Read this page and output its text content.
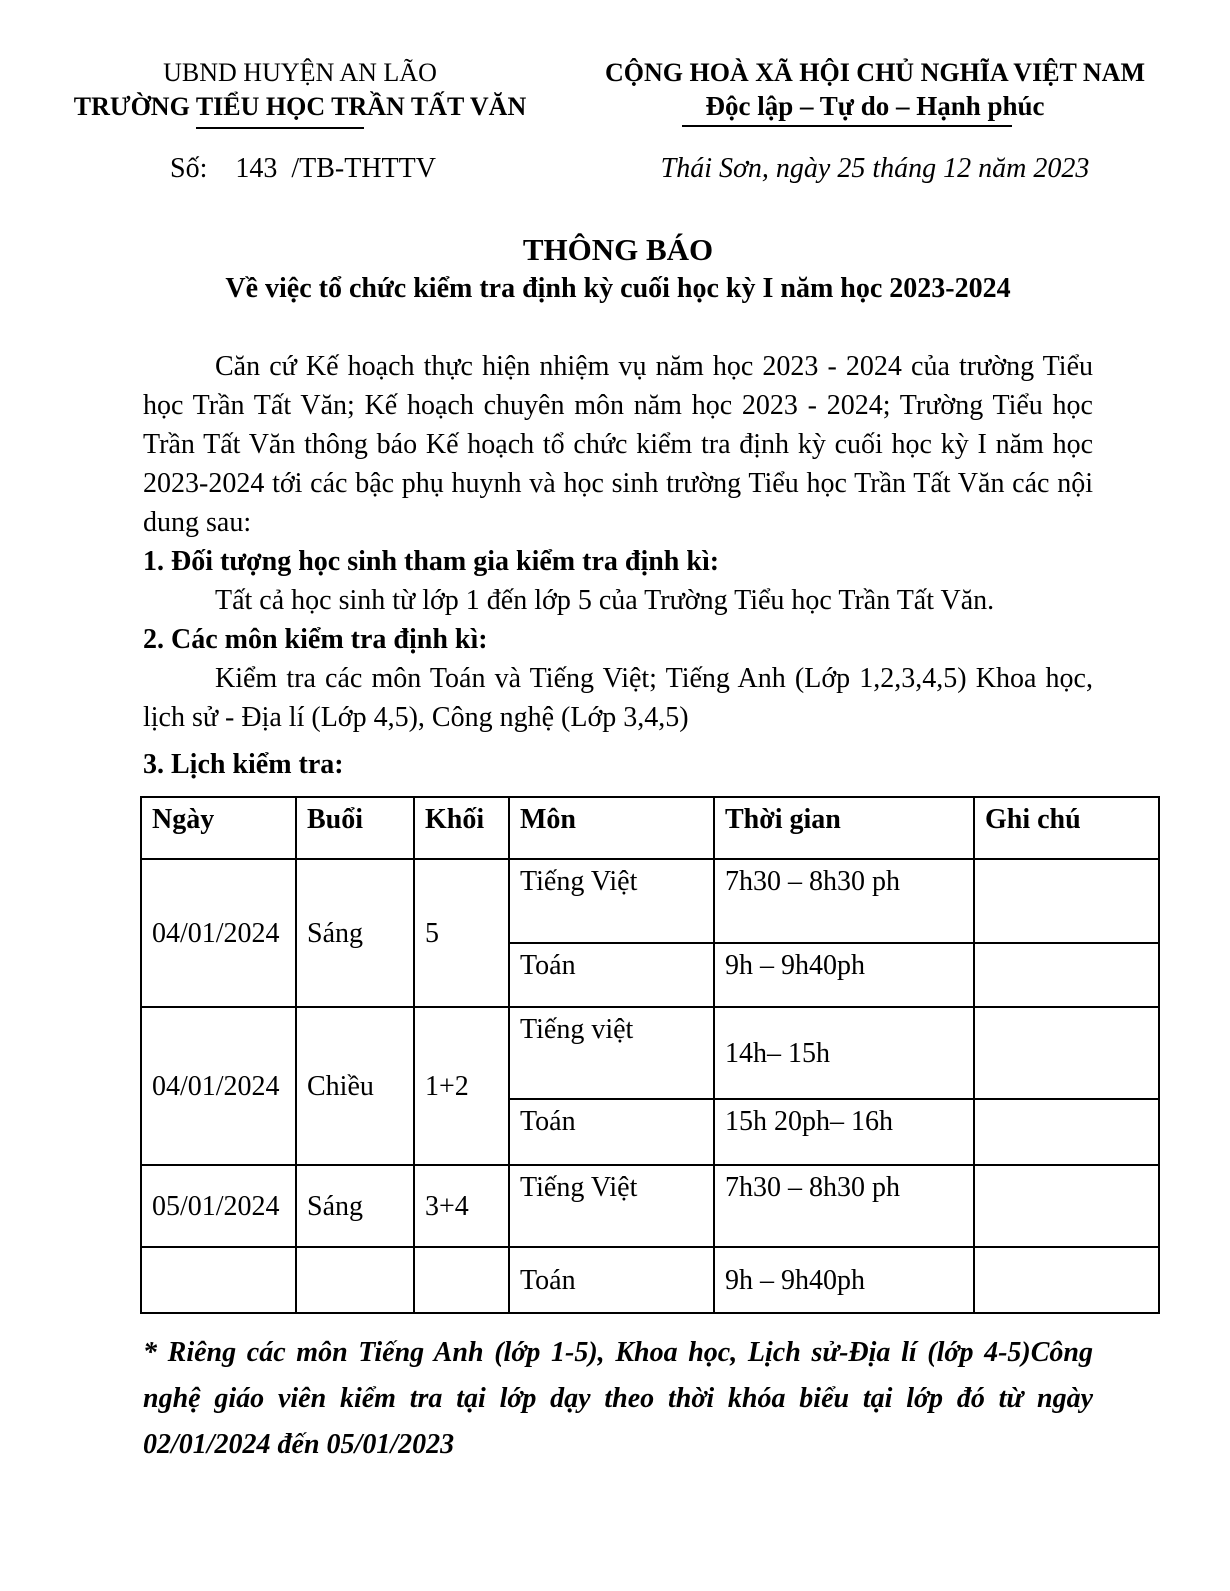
UBND HUYỆN AN LÃO
TRƯỜNG TIỂU HỌC TRẦN TẤT VĂN
Số:    143  /TB-THTTV
CỘNG HOÀ XÃ HỘI CHỦ NGHĨA VIỆT NAM
Độc lập – Tự do – Hạnh phúc
Thái Sơn, ngày 25 tháng 12 năm 2023
THÔNG BÁO
Về việc tổ chức kiểm tra định kỳ cuối học kỳ I năm học 2023-2024

Căn cứ Kế hoạch thực hiện nhiệm vụ năm học 2023 - 2024 của trường Tiểu học Trần Tất Văn; Kế hoạch chuyên môn năm học 2023 - 2024; Trường Tiểu học Trần Tất Văn thông báo Kế hoạch tổ chức kiểm tra định kỳ cuối học kỳ I năm học 2023-2024 tới các bậc phụ huynh và học sinh trường Tiểu học Trần Tất Văn các nội dung sau:

1. Đối tượng học sinh tham gia kiểm tra định kì:

Tất cả học sinh từ lớp 1 đến lớp 5 của Trường Tiểu học Trần Tất Văn.

2. Các môn kiểm tra định kì:

Kiểm tra các môn Toán và Tiếng Việt; Tiếng Anh (Lớp 1,2,3,4,5) Khoa học, lịch sử - Địa lí (Lớp 4,5), Công nghệ (Lớp 3,4,5)

3. Lịch kiểm tra:

Ngày	Buổi	Khối	Môn	Thời gian	Ghi chú
04/01/2024	Sáng	5	Tiếng Việt	7h30 – 8h30 ph	
			Toán	9h – 9h40ph	
04/01/2024	Chiều	1+2	Tiếng việt	14h– 15h	
			Toán	15h 20ph– 16h	
05/01/2024	Sáng	3+4	Tiếng Việt	7h30 – 8h30 ph	
			Toán	9h – 9h40ph	

* Riêng các môn Tiếng Anh (lớp 1-5), Khoa học, Lịch sử-Địa lí (lớp 4-5)Công nghệ giáo viên kiểm tra tại lớp dạy theo thời khóa biểu tại lớp đó từ ngày 02/01/2024 đến 05/01/2023
